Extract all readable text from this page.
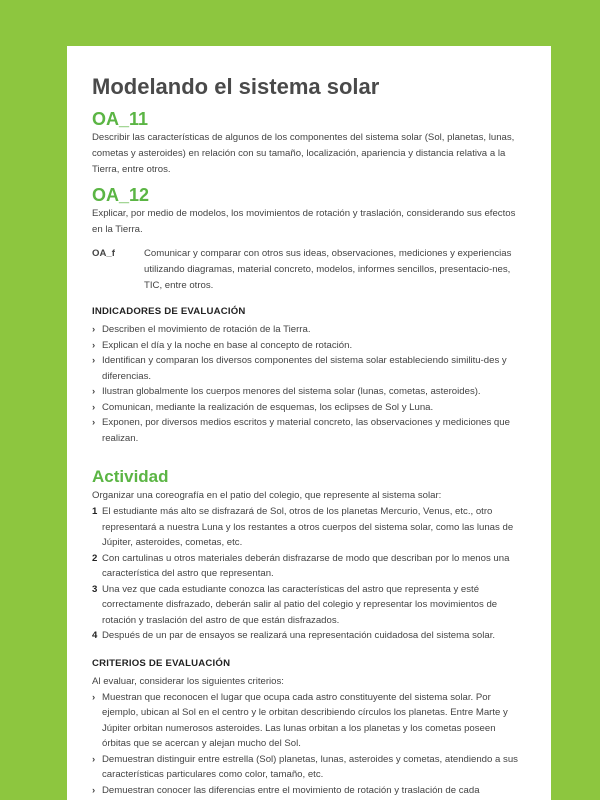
Modelando el sistema solar
OA_11

Describir las características de algunos de los componentes del sistema solar (Sol, planetas, lunas, cometas y asteroides) en relación con su tamaño, localización, apariencia y distancia relativa a la Tierra, entre otros.

OA_12

Explicar, por medio de modelos, los movimientos de rotación y traslación, considerando sus efectos en la Tierra.

OA_f	Comunicar y comparar con otros sus ideas, observaciones, mediciones y experiencias utilizando diagramas, material concreto, modelos, informes sencillos, presentacio-nes, TIC, entre otros.
INDICADORES DE EVALUACIÓN
› Describen el movimiento de rotación de la Tierra.
› Explican el día y la noche en base al concepto de rotación.
› Identifican y comparan los diversos componentes del sistema solar estableciendo similitu-des y diferencias.
› Ilustran globalmente los cuerpos menores del sistema solar (lunas, cometas, asteroides).
› Comunican, mediante la realización de esquemas, los eclipses de Sol y Luna.
› Exponen, por diversos medios escritos y material concreto, las observaciones y mediciones que realizan.
Actividad

Organizar una coreografía en el patio del colegio, que represente al sistema solar:

1 El estudiante más alto se disfrazará de Sol, otros de los planetas Mercurio, Venus, etc., otro representará a nuestra Luna y los restantes a otros cuerpos del sistema solar, como las lunas de Júpiter, asteroides, cometas, etc.
2 Con cartulinas u otros materiales deberán disfrazarse de modo que describan por lo menos una característica del astro que representan.
3 Una vez que cada estudiante conozca las características del astro que representa y esté correctamente disfrazado, deberán salir al patio del colegio y representar los movimientos de rotación y traslación del astro de que están disfrazados.
4 Después de un par de ensayos se realizará una representación cuidadosa del sistema solar.
CRITERIOS DE EVALUACIÓN

Al evaluar, considerar los siguientes criterios:

› Muestran que reconocen el lugar que ocupa cada astro constituyente del sistema solar. Por ejemplo, ubican al Sol en el centro y le orbitan describiendo círculos los planetas. Entre Marte y Júpiter orbitan numerosos asteroides. Las lunas orbitan a los planetas y los cometas poseen órbitas que se acercan y alejan mucho del Sol.
› Demuestran distinguir entre estrella (Sol) planetas, lunas, asteroides y cometas, atendiendo a sus características particulares como color, tamaño, etc.
› Demuestran conocer las diferencias entre el movimiento de rotación y traslación de cada
